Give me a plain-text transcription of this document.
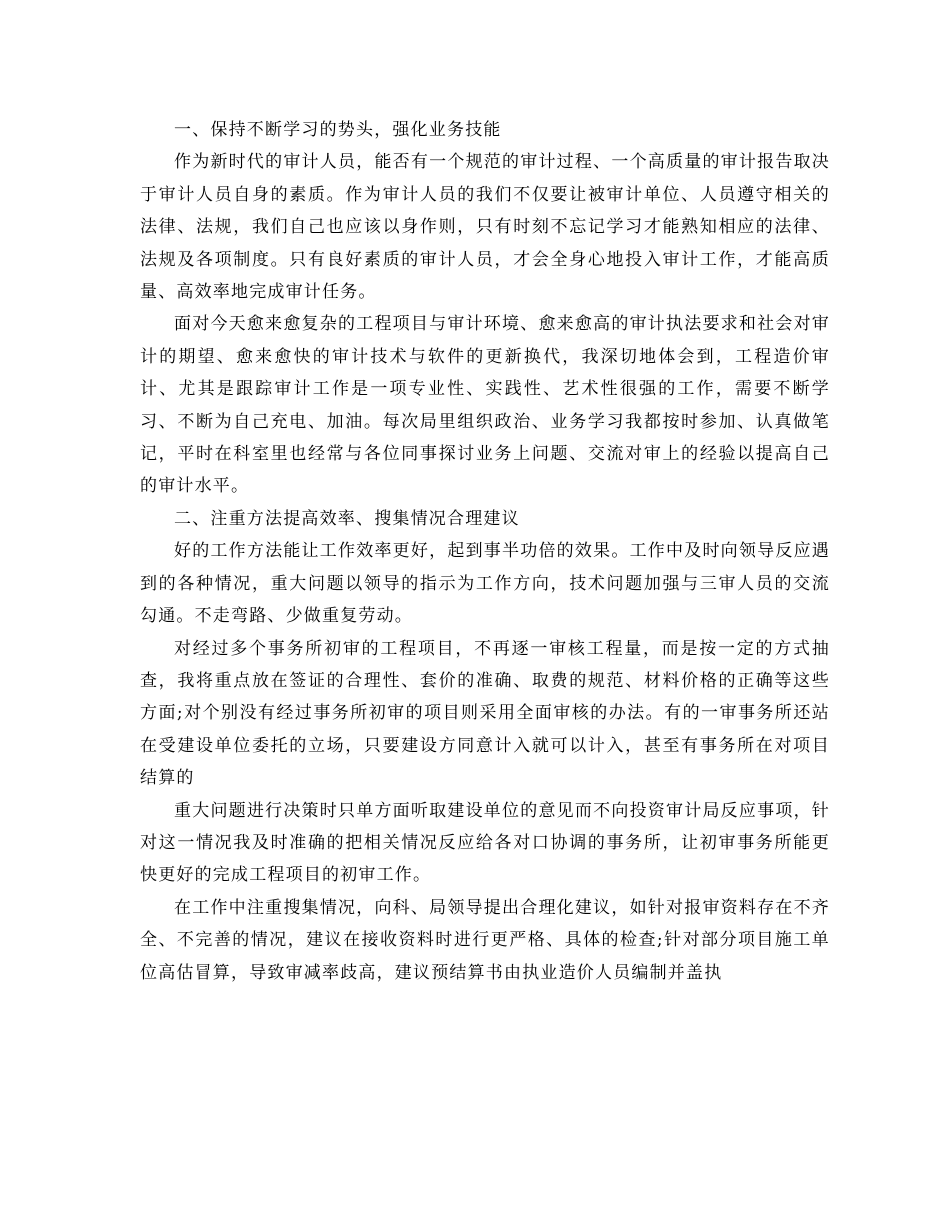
一、保持不断学习的势头，强化业务技能

作为新时代的审计人员，能否有一个规范的审计过程、一个高质量的审计报告取决于审计人员自身的素质。作为审计人员的我们不仅要让被审计单位、人员遵守相关的法律、法规，我们自己也应该以身作则，只有时刻不忘记学习才能熟知相应的法律、法规及各项制度。只有良好素质的审计人员，才会全身心地投入审计工作，才能高质量、高效率地完成审计任务。

面对今天愈来愈复杂的工程项目与审计环境、愈来愈高的审计执法要求和社会对审计的期望、愈来愈快的审计技术与软件的更新换代，我深切地体会到，工程造价审计、尤其是跟踪审计工作是一项专业性、实践性、艺术性很强的工作，需要不断学习、不断为自己充电、加油。每次局里组织政治、业务学习我都按时参加、认真做笔记，平时在科室里也经常与各位同事探讨业务上问题、交流对审上的经验以提高自己的审计水平。

二、注重方法提高效率、搜集情况合理建议

好的工作方法能让工作效率更好，起到事半功倍的效果。工作中及时向领导反应遇到的各种情况，重大问题以领导的指示为工作方向，技术问题加强与三审人员的交流勾通。不走弯路、少做重复劳动。

对经过多个事务所初审的工程项目，不再逐一审核工程量，而是按一定的方式抽查，我将重点放在签证的合理性、套价的准确、取费的规范、材料价格的正确等这些方面;对个别没有经过事务所初审的项目则采用全面审核的办法。有的一审事务所还站在受建设单位委托的立场，只要建设方同意计入就可以计入，甚至有事务所在对项目结算的

重大问题进行决策时只单方面听取建设单位的意见而不向投资审计局反应事项，针对这一情况我及时准确的把相关情况反应给各对口协调的事务所，让初审事务所能更快更好的完成工程项目的初审工作。

在工作中注重搜集情况，向科、局领导提出合理化建议，如针对报审资料存在不齐全、不完善的情况，建议在接收资料时进行更严格、具体的检查;针对部分项目施工单位高估冒算，导致审减率歧高，建议预结算书由执业造价人员编制并盖执
